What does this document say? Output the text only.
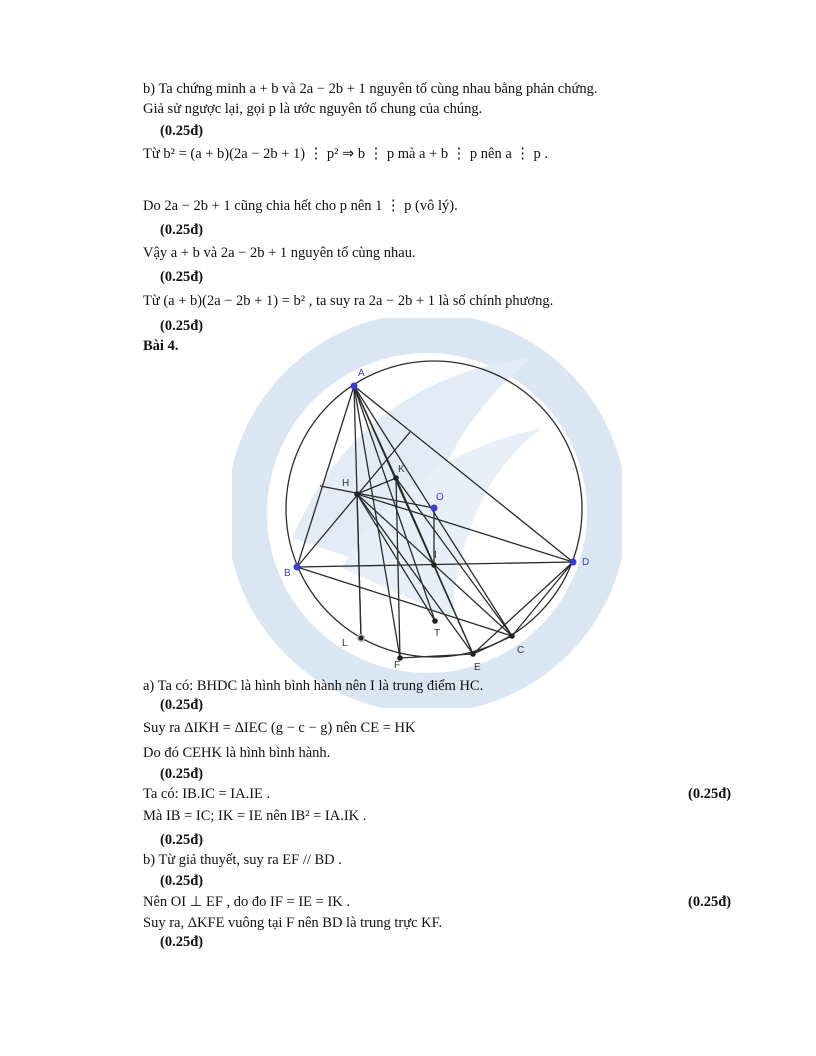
b) Ta chứng minh a + b và 2a − 2b + 1 nguyên tố cùng nhau bằng phản chứng.
Giả sử ngược lại, gọi p là ước nguyên tố chung của chúng.
(0.25đ)
Từ b² = (a + b)(2a − 2b + 1) ⋮ p² ⇒ b ⋮ p mà a + b ⋮ p nên a ⋮ p .
Do 2a − 2b + 1 cũng chia hết cho p nên 1 ⋮ p (vô lý).
(0.25đ)
Vậy a + b và 2a − 2b + 1 nguyên tố cùng nhau.
(0.25đ)
Từ (a + b)(2a − 2b + 1) = b² , ta suy ra 2a − 2b + 1 là số chính phương.
(0.25đ)
Bài 4.
A
B
D
O
C
E
F
H
K
I
T
L
a) Ta có: BHDC là hình bình hành nên I là trung điểm HC.
(0.25đ)
Suy ra ΔIKH = ΔIEC (g − c − g) nên CE = HK
Do đó CEHK là hình bình hành.
(0.25đ)
Ta có: IB.IC = IA.IE .	(0.25đ)
Mà IB = IC; IK = IE nên IB² = IA.IK .
(0.25đ)
b) Từ giả thuyết, suy ra EF // BD .
(0.25đ)
Nên OI ⊥ EF , do đo IF = IE = IK .	(0.25đ)
Suy ra, ΔKFE vuông tại F nên BD là trung trực KF.
(0.25đ)
